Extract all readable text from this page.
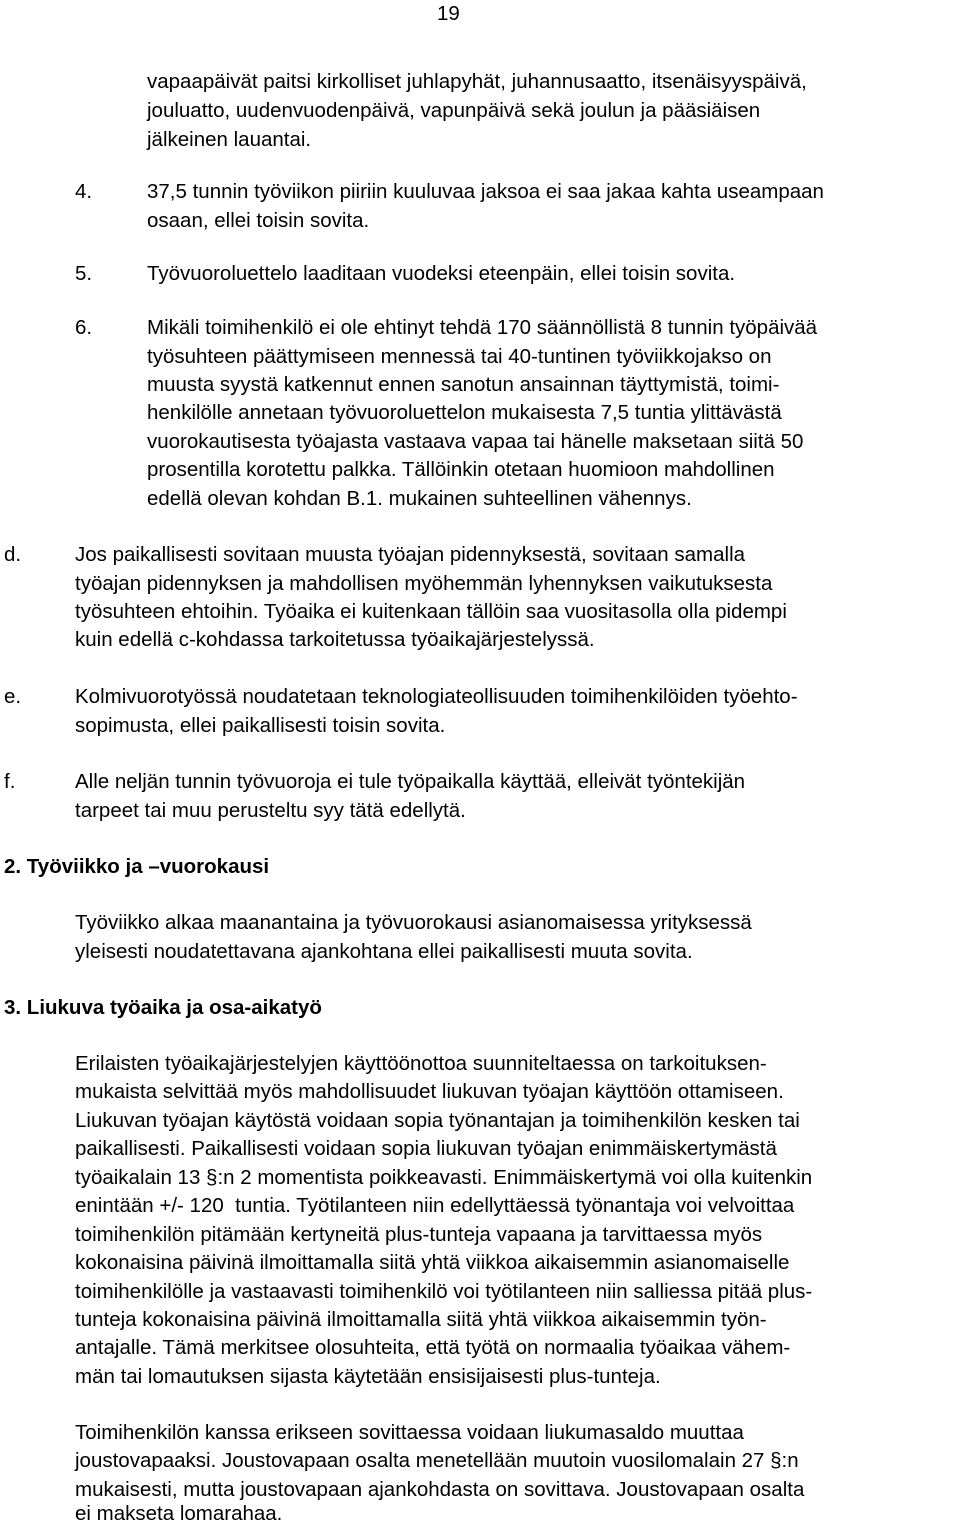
19
vapaapäivät paitsi kirkolliset juhlapyhät, juhannusaatto, itsenäisyyspäivä,
jouluatto, uudenvuodenpäivä, vapunpäivä sekä joulun ja pääsiäisen
jälkeinen lauantai.
4.	37,5 tunnin työviikon piiriin kuuluvaa jaksoa ei saa jakaa kahta useampaan
osaan, ellei toisin sovita.
5.	Työvuoroluettelo laaditaan vuodeksi eteenpäin, ellei toisin sovita.
6.	Mikäli toimihenkilö ei ole ehtinyt tehdä 170 säännöllistä 8 tunnin työpäivää
työsuhteen päättymiseen mennessä tai 40-tuntinen työviikkojakso on
muusta syystä katkennut ennen sanotun ansainnan täyttymistä, toimi-
henkilölle annetaan työvuoroluettelon mukaisesta 7,5 tuntia ylittävästä
vuorokautisesta työajasta vastaava vapaa tai hänelle maksetaan siitä 50
prosentilla korotettu palkka. Tällöinkin otetaan huomioon mahdollinen
edellä olevan kohdan B.1. mukainen suhteellinen vähennys.
d.	Jos paikallisesti sovitaan muusta työajan pidennyksestä, sovitaan samalla
työajan pidennyksen ja mahdollisen myöhemmän lyhennyksen vaikutuksesta
työsuhteen ehtoihin. Työaika ei kuitenkaan tällöin saa vuositasolla olla pidempi
kuin edellä c-kohdassa tarkoitetussa työaikajärjestelyssä.
e.	Kolmivuorotyössä noudatetaan teknologiateollisuuden toimihenkilöiden työehto-
sopimusta, ellei paikallisesti toisin sovita.
f.	Alle neljän tunnin työvuoroja ei tule työpaikalla käyttää, elleivät työntekijän
tarpeet tai muu perusteltu syy tätä edellytä.
2. Työviikko ja –vuorokausi
Työviikko alkaa maanantaina ja työvuorokausi asianomaisessa yrityksessä
yleisesti noudatettavana ajankohtana ellei paikallisesti muuta sovita.
3. Liukuva työaika ja osa-aikatyö
Erilaisten työaikajärjestelyjen käyttöönottoa suunniteltaessa on tarkoituksen-
mukaista selvittää myös mahdollisuudet liukuvan työajan käyttöön ottamiseen.
Liukuvan työajan käytöstä voidaan sopia työnantajan ja toimihenkilön kesken tai
paikallisesti. Paikallisesti voidaan sopia liukuvan työajan enimmäiskertymästä
työaikalain 13 §:n 2 momentista poikkeavasti. Enimmäiskertymä voi olla kuitenkin
enintään +/- 120  tuntia. Työtilanteen niin edellyttäessä työnantaja voi velvoittaa
toimihenkilön pitämään kertyneitä plus-tunteja vapaana ja tarvittaessa myös
kokonaisina päivinä ilmoittamalla siitä yhtä viikkoa aikaisemmin asianomaiselle
toimihenkilölle ja vastaavasti toimihenkilö voi työtilanteen niin salliessa pitää plus-
tunteja kokonaisina päivinä ilmoittamalla siitä yhtä viikkoa aikaisemmin työn-
antajalle. Tämä merkitsee olosuhteita, että työtä on normaalia työaikaa vähem-
män tai lomautuksen sijasta käytetään ensisijaisesti plus-tunteja.
Toimihenkilön kanssa erikseen sovittaessa voidaan liukumasaldo muuttaa
joustovapaaksi. Joustovapaan osalta menetellään muutoin vuosilomalain 27 §:n
mukaisesti, mutta joustovapaan ajankohdasta on sovittava. Joustovapaan osalta
ei makseta lomarahaa.
